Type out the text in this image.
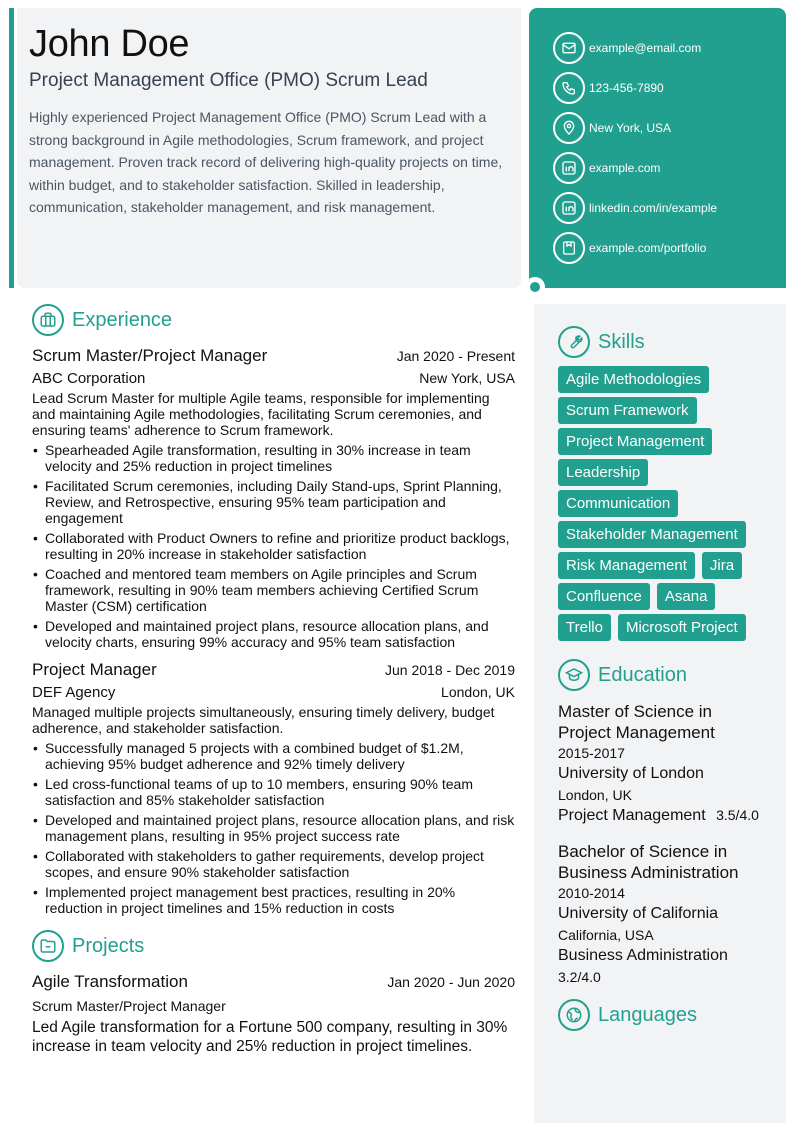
John Doe
Project Management Office (PMO) Scrum Lead
Highly experienced Project Management Office (PMO) Scrum Lead with a strong background in Agile methodologies, Scrum framework, and project management. Proven track record of delivering high-quality projects on time, within budget, and to stakeholder satisfaction. Skilled in leadership, communication, stakeholder management, and risk management.
example@email.com
123-456-7890
New York, USA
example.com
linkedin.com/in/example
example.com/portfolio
Experience
Scrum Master/Project Manager	Jan 2020 - Present
ABC Corporation	New York, USA
Lead Scrum Master for multiple Agile teams, responsible for implementing and maintaining Agile methodologies, facilitating Scrum ceremonies, and ensuring teams' adherence to Scrum framework.
• Spearheaded Agile transformation, resulting in 30% increase in team velocity and 25% reduction in project timelines
• Facilitated Scrum ceremonies, including Daily Stand-ups, Sprint Planning, Review, and Retrospective, ensuring 95% team participation and engagement
• Collaborated with Product Owners to refine and prioritize product backlogs, resulting in 20% increase in stakeholder satisfaction
• Coached and mentored team members on Agile principles and Scrum framework, resulting in 90% team members achieving Certified Scrum Master (CSM) certification
• Developed and maintained project plans, resource allocation plans, and velocity charts, ensuring 99% accuracy and 95% team satisfaction
Project Manager	Jun 2018 - Dec 2019
DEF Agency	London, UK
Managed multiple projects simultaneously, ensuring timely delivery, budget adherence, and stakeholder satisfaction.
• Successfully managed 5 projects with a combined budget of $1.2M, achieving 95% budget adherence and 92% timely delivery
• Led cross-functional teams of up to 10 members, ensuring 90% team satisfaction and 85% stakeholder satisfaction
• Developed and maintained project plans, resource allocation plans, and risk management plans, resulting in 95% project success rate
• Collaborated with stakeholders to gather requirements, develop project scopes, and ensure 90% stakeholder satisfaction
• Implemented project management best practices, resulting in 20% reduction in project timelines and 15% reduction in costs
Projects
Agile Transformation	Jan 2020 - Jun 2020
Scrum Master/Project Manager
Led Agile transformation for a Fortune 500 company, resulting in 30% increase in team velocity and 25% reduction in project timelines.
Skills
Agile Methodologies
Scrum Framework
Project Management
Leadership
Communication
Stakeholder Management
Risk Management	Jira
Confluence	Asana
Trello	Microsoft Project
Education
Master of Science in Project Management
2015-2017
University of London
London, UK
Project Management 3.5/4.0
Bachelor of Science in Business Administration
2010-2014
University of California
California, USA
Business Administration
3.2/4.0
Languages
